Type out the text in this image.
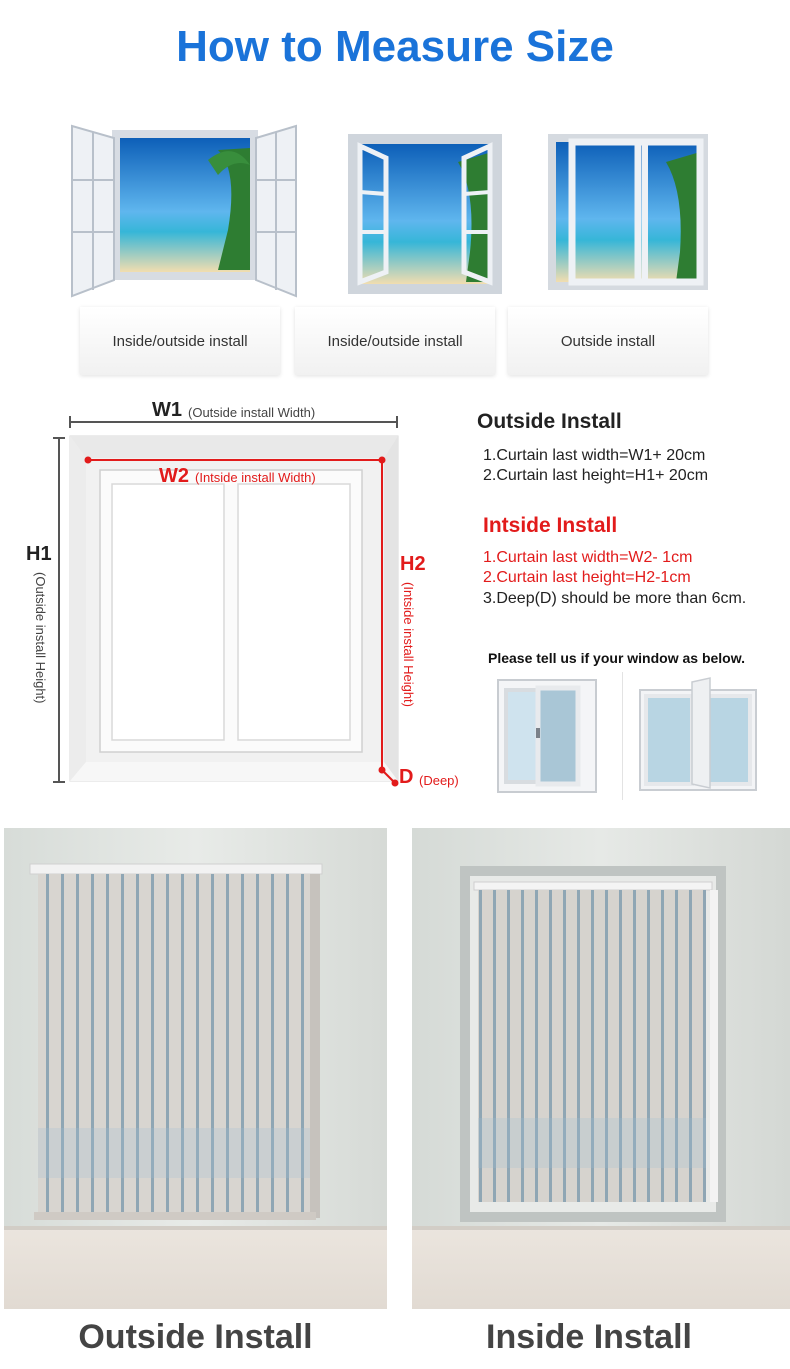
How to Measure Size
Inside/outside install	Inside/outside install	Outside install
W1 (Outside install Width)
H1
(Outside install Height)
W2 (Intside install Width)
H2
(Intside install Height)
D (Deep)
Outside Install
1.Curtain last width=W1+ 20cm
2.Curtain last height=H1+ 20cm
Intside Install
1.Curtain last width=W2- 1cm
2.Curtain last height=H2-1cm
3.Deep(D) should be more than 6cm.
Please tell us if your window as below.
Outside Install	Inside Install
